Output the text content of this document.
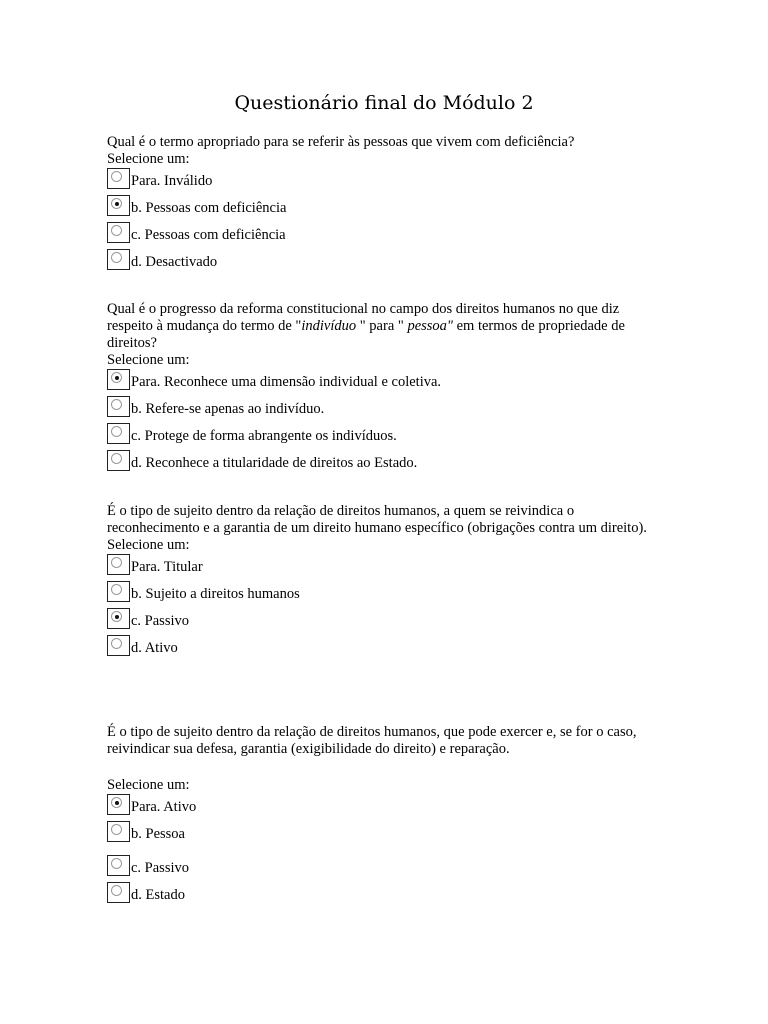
Questionário final do Módulo 2

Qual é o termo apropriado para se referir às pessoas que vivem com deficiência?

Selecione um:

Para. Inválido
b. Pessoas com deficiência
c. Pessoas com deficiência
d. Desactivado

Qual é o progresso da reforma constitucional no campo dos direitos humanos no que diz respeito à mudança do termo de "indivíduo " para " pessoa" em termos de propriedade de direitos?

Selecione um:

Para. Reconhece uma dimensão individual e coletiva.
b. Refere-se apenas ao indivíduo.
c. Protege de forma abrangente os indivíduos.
d. Reconhece a titularidade de direitos ao Estado.

É o tipo de sujeito dentro da relação de direitos humanos, a quem se reivindica o reconhecimento e a garantia de um direito humano específico (obrigações contra um direito).

Selecione um:

Para. Titular
b. Sujeito a direitos humanos
c. Passivo
d. Ativo

É o tipo de sujeito dentro da relação de direitos humanos, que pode exercer e, se for o caso, reivindicar sua defesa, garantia (exigibilidade do direito) e reparação.

Selecione um:

Para. Ativo
b. Pessoa
c. Passivo
d. Estado
